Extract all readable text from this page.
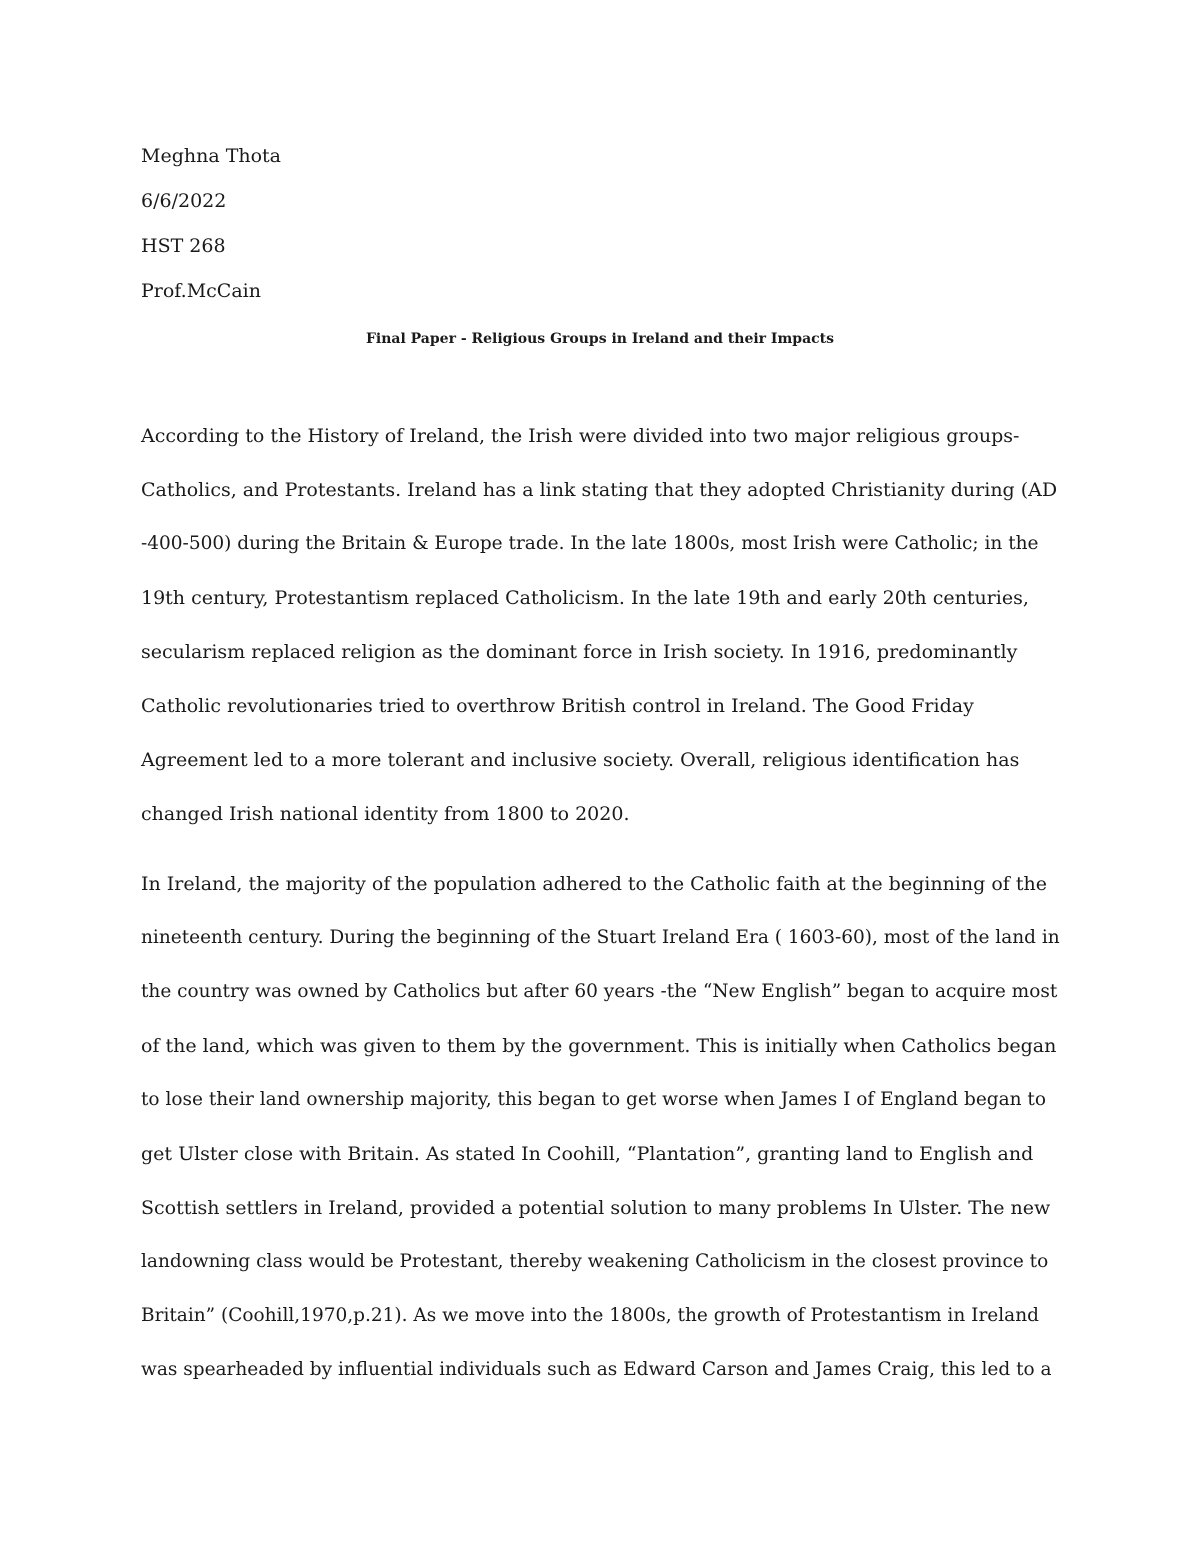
Meghna Thota
6/6/2022
HST 268
Prof.McCain
Final Paper - Religious Groups in Ireland and their Impacts
According to the History of Ireland, the Irish were divided into two major religious groups-
Catholics, and Protestants. Ireland has a link stating that they adopted Christianity during (AD
-400-500) during the Britain & Europe trade. In the late 1800s, most Irish were Catholic; in the
19th century, Protestantism replaced Catholicism. In the late 19th and early 20th centuries,
secularism replaced religion as the dominant force in Irish society. In 1916, predominantly
Catholic revolutionaries tried to overthrow British control in Ireland. The Good Friday
Agreement led to a more tolerant and inclusive society. Overall, religious identification has
changed Irish national identity from 1800 to 2020.
In Ireland, the majority of the population adhered to the Catholic faith at the beginning of the
nineteenth century. During the beginning of the Stuart Ireland Era ( 1603-60), most of the land in
the country was owned by Catholics but after 60 years -the “New English” began to acquire most
of the land, which was given to them by the government. This is initially when Catholics began
to lose their land ownership majority, this began to get worse when James I of England began to
get Ulster close with Britain. As stated In Coohill, “Plantation”, granting land to English and
Scottish settlers in Ireland, provided a potential solution to many problems In Ulster. The new
landowning class would be Protestant, thereby weakening Catholicism in the closest province to
Britain” (Coohill,1970,p.21). As we move into the 1800s, the growth of Protestantism in Ireland
was spearheaded by influential individuals such as Edward Carson and James Craig, this led to a
